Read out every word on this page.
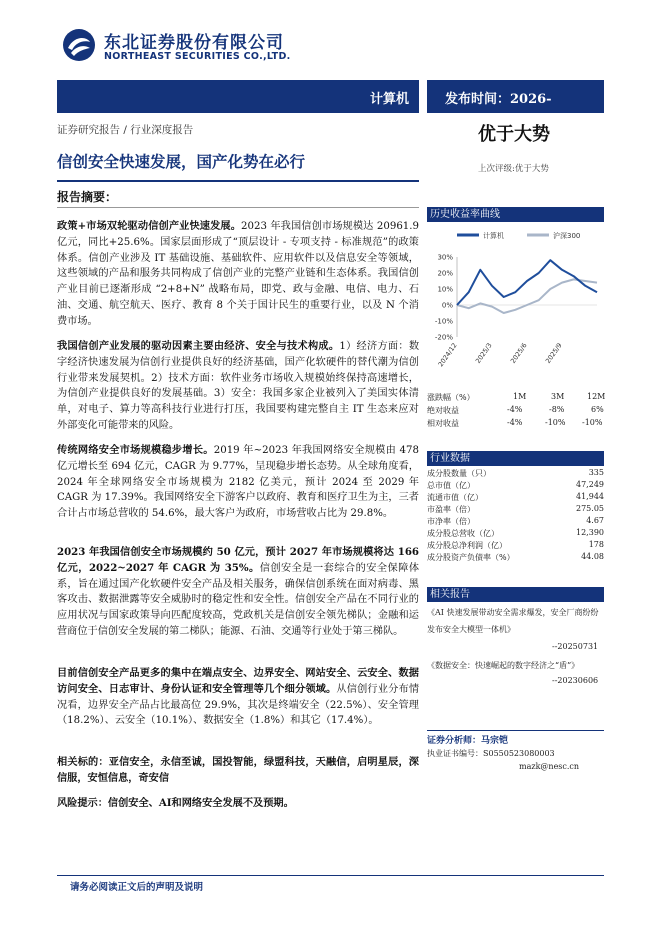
东北证券股份有限公司
NORTHEAST SECURITIES CO.,LTD.
计算机	发布时间：2026-
证券研究报告 / 行业深度报告	优于大势
信创安全快速发展，国产化势在必行	上次评级:优于大势
报告摘要：
政策+市场双轮驱动信创产业快速发展。2023 年我国信创市场规模达 20961.9 亿元，同比+25.6%。国家层面形成了“顶层设计 - 专项支持 - 标准规范”的政策体系。信创产业涉及 IT 基础设施、基础软件、应用软件以及信息安全等领域，这些领域的产品和服务共同构成了信创产业的完整产业链和生态体系。我国信创产业目前已逐渐形成 “2+8+N” 战略布局，即党、政与金融、电信、电力、石油、交通、航空航天、医疗、教育 8 个关于国计民生的重要行业，以及 N 个消费市场。
我国信创产业发展的驱动因素主要由经济、安全与技术构成。1）经济方面：数字经济快速发展为信创行业提供良好的经济基础，国产化软硬件的替代潮为信创行业带来发展契机。2）技术方面：软件业务市场收入规模始终保持高速增长，为信创产业提供良好的发展基础。3）安全：我国多家企业被列入了美国实体清单，对电子、算力等高科技行业进行打压，我国要构建完整自主 IT 生态来应对外部变化可能带来的风险。
传统网络安全市场规模稳步增长。2019 年~2023 年我国网络安全规模由 478 亿元增长至 694 亿元，CAGR 为 9.77%，呈现稳步增长态势。从全球角度看，2024 年全球网络安全市场规模为 2182 亿美元，预计 2024 至 2029 年 CAGR 为 17.39%。我国网络安全下游客户以政府、教育和医疗卫生为主，三者合计占市场总营收的 54.6%，最大客户为政府，市场营收占比为 29.8%。
2023 年我国信创安全市场规模约 50 亿元，预计 2027 年市场规模将达 166 亿元，2022~2027 年 CAGR 为 35%。信创安全是一套综合的安全保障体系，旨在通过国产化软硬件安全产品及相关服务，确保信创系统在面对病毒、黑客攻击、数据泄露等安全威胁时的稳定性和安全性。信创安全产品在不同行业的应用状况与国家政策导向匹配度较高，党政机关是信创安全领先梯队；金融和运营商位于信创安全发展的第二梯队；能源、石油、交通等行业处于第三梯队。
目前信创安全产品更多的集中在端点安全、边界安全、网站安全、云安全、数据访问安全、日志审计、身份认证和安全管理等几个细分领域。从信创行业分布情况看，边界安全产品占比最高位 29.9%，其次是终端安全（22.5%）、安全管理（18.2%）、云安全（10.1%）、数据安全（1.8%）和其它（17.4%）。
相关标的：亚信安全，永信至诚，国投智能，绿盟科技，天融信，启明星辰，深信服，安恒信息，奇安信
风险提示：信创安全、AI和网络安全发展不及预期。
历史收益率曲线
计算机	沪深300
30%
20%
10%
0%
-10%
-20%
2024/12 2025/3 2025/6 2025/9
涨跌幅（%）	1M	3M	12M
绝对收益	-4%	-8%	6%
相对收益	-4%	-10% -10%
行业数据
成分股数量（只）	335
总市值（亿）	47,249
流通市值（亿）	41,944
市盈率（倍）	275.05
市净率（倍）	4.67
成分股总营收（亿）	12,390
成分股总净利润（亿）	178
成分股资产负债率（%）	44.08
相关报告
《AI 快速发展带动安全需求爆发，安全厂商纷纷发布安全大模型一体机》
--20250731
《数据安全：快速崛起的数字经济之“盾”》
--20230606
证券分析师：马宗铠
执业证书编号：S0550523080003
mazk@nesc.cn
请务必阅读正文后的声明及说明
